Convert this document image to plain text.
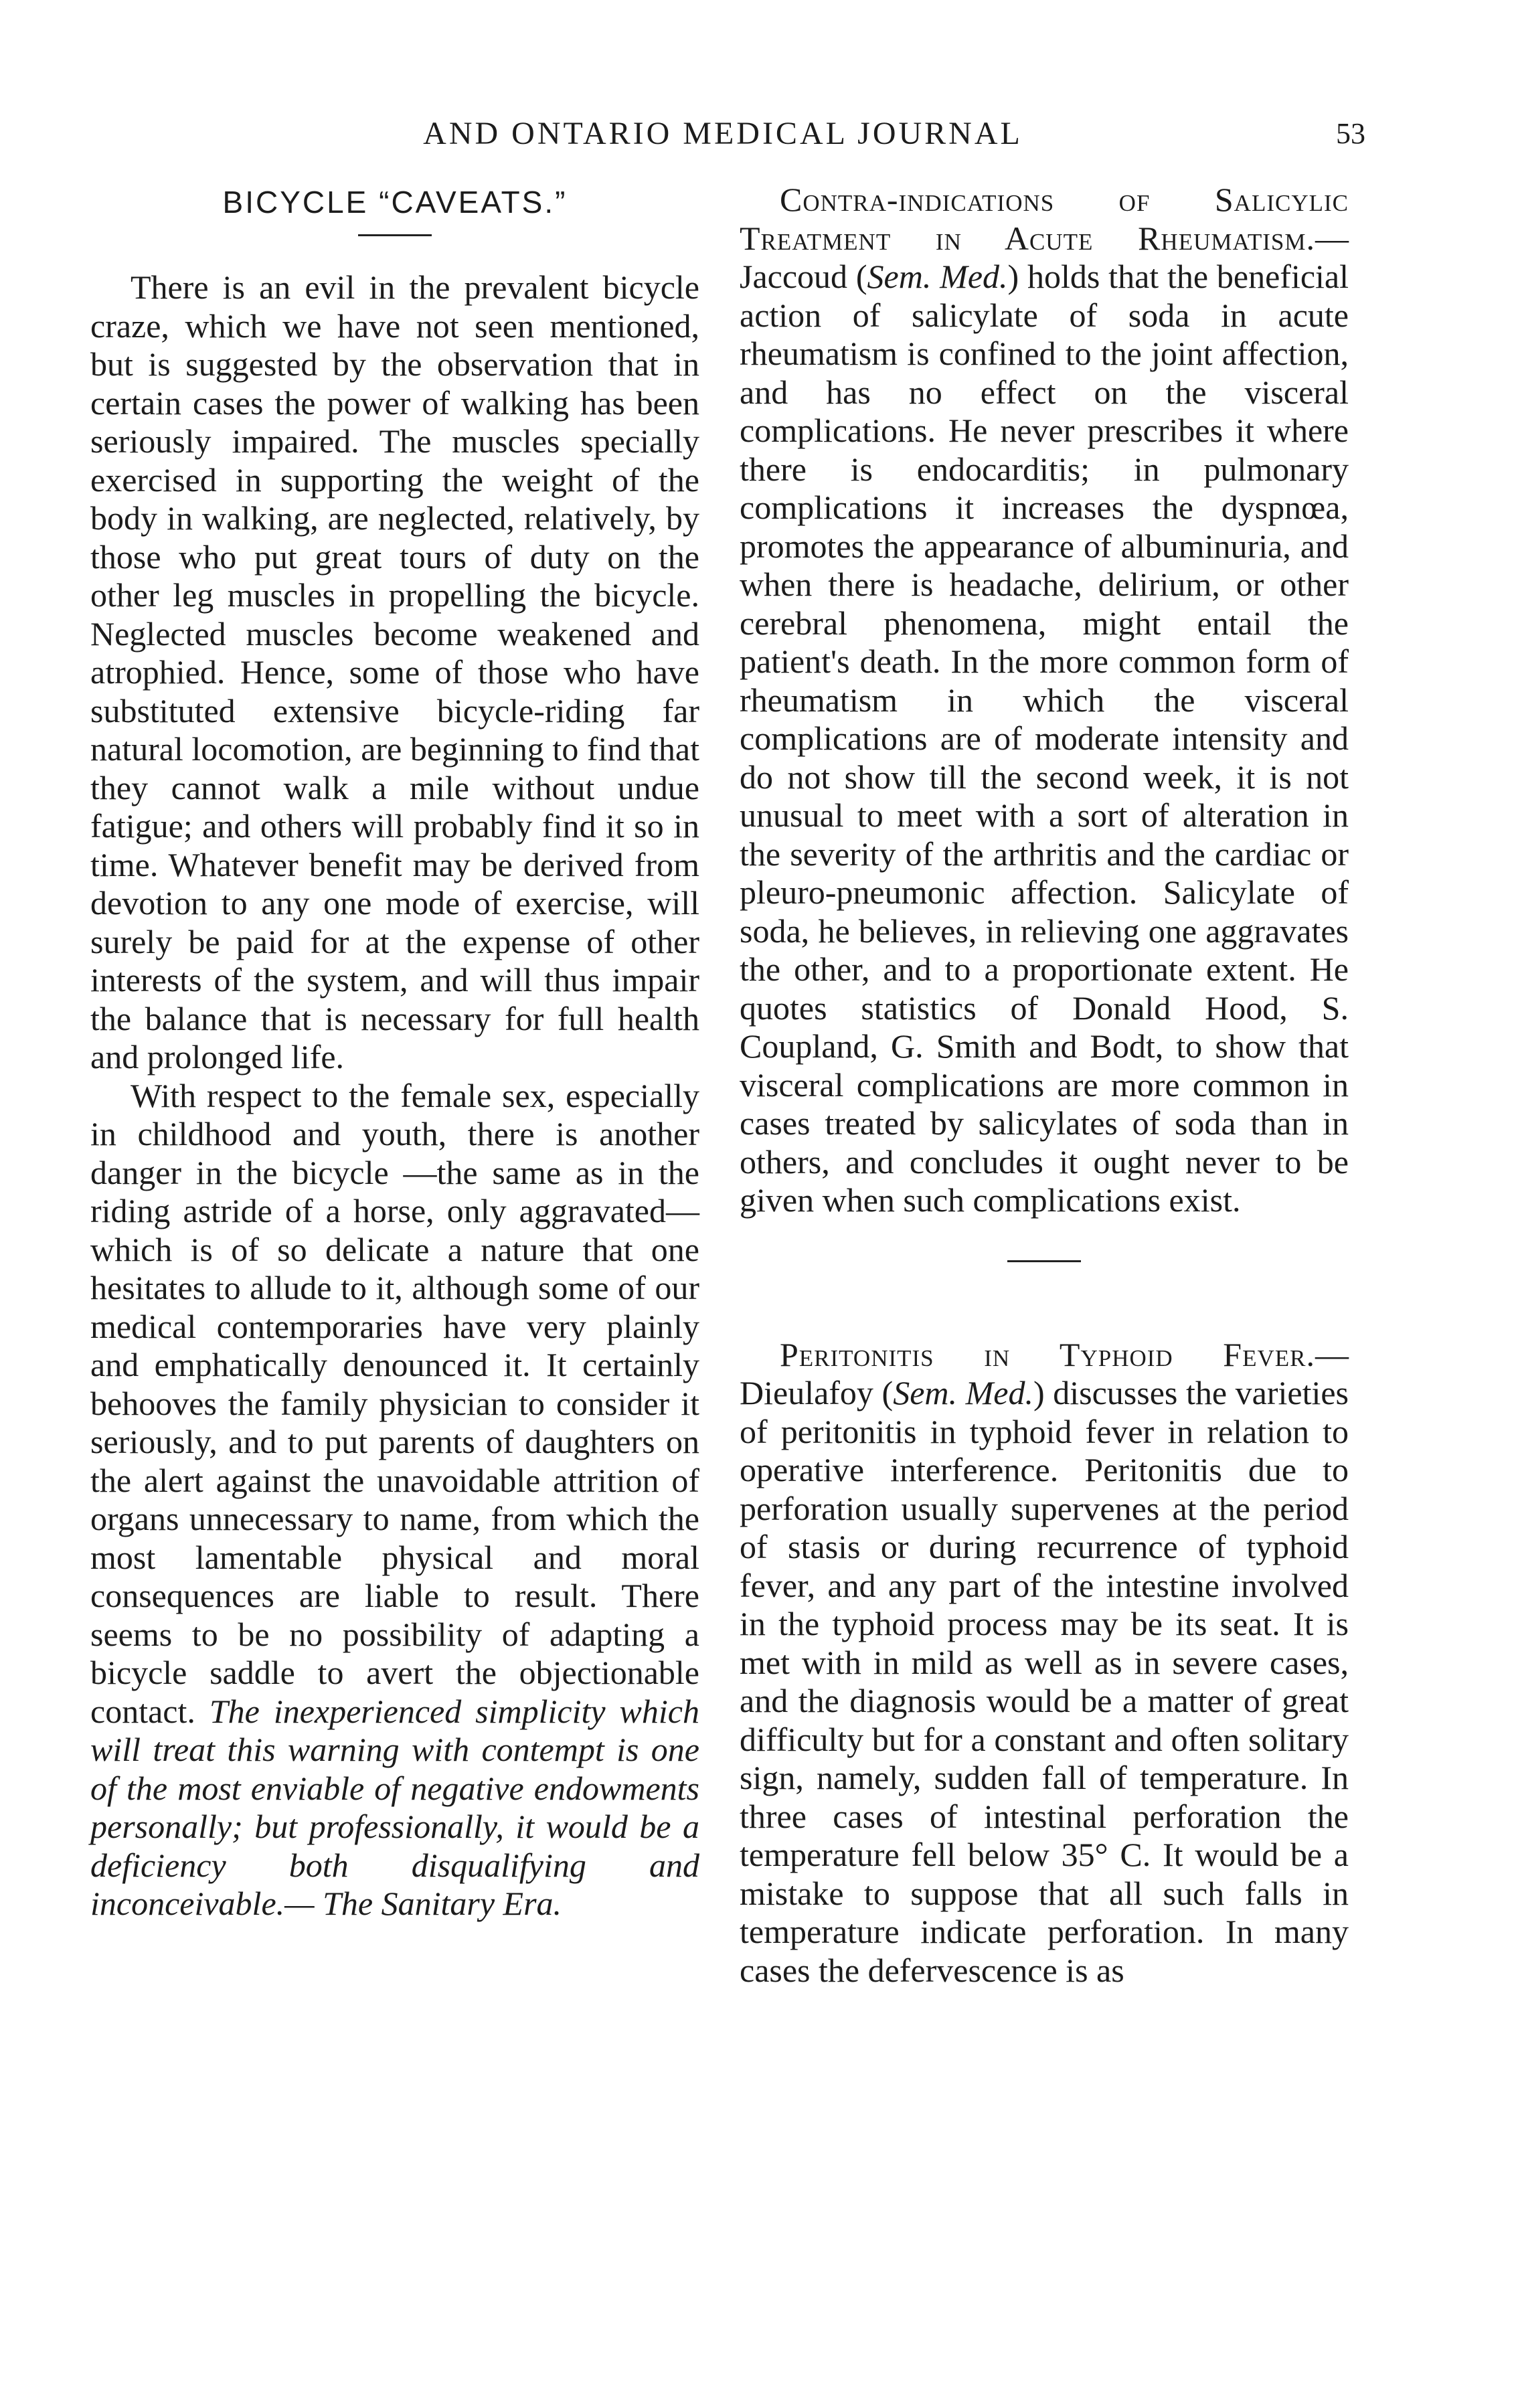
AND ONTARIO MEDICAL JOURNAL	53
BICYCLE “CAVEATS.”

There is an evil in the prevalent bicycle craze, which we have not seen mentioned, but is suggested by the observation that in certain cases the power of walking has been seriously impaired. The muscles specially exercised in supporting the weight of the body in walking, are neglected, relatively, by those who put great tours of duty on the other leg muscles in propelling the bicycle. Neglected muscles become weakened and atrophied. Hence, some of those who have substituted extensive bicycle-riding far natural locomotion, are beginning to find that they cannot walk a mile without undue fatigue; and others will probably find it so in time. Whatever benefit may be derived from devotion to any one mode of exercise, will surely be paid for at the expense of other interests of the system, and will thus impair the balance that is necessary for full health and prolonged life.

With respect to the female sex, especially in childhood and youth, there is another danger in the bicycle —the same as in the riding astride of a horse, only aggravated—which is of so delicate a nature that one hesitates to allude to it, although some of our medical contemporaries have very plainly and emphatically denounced it. It certainly behooves the family physician to consider it seriously, and to put parents of daughters on the alert against the unavoidable attrition of organs unnecessary to name, from which the most lamentable physical and moral consequences are liable to result. There seems to be no possibility of adapting a bicycle saddle to avert the objectionable contact. The inexperienced simplicity which will treat this warning with contempt is one of the most enviable of negative endowments personally; but professionally, it would be a deficiency both disqualifying and inconceivable.— The Sanitary Era.

Contra-indications of Salicylic Treatment in Acute Rheumatism.—Jaccoud (Sem. Med.) holds that the beneficial action of salicylate of soda in acute rheumatism is confined to the joint affection, and has no effect on the visceral complications. He never prescribes it where there is endocarditis; in pulmonary complications it increases the dyspnœa, promotes the appearance of albuminuria, and when there is headache, delirium, or other cerebral phenomena, might entail the patient's death. In the more common form of rheumatism in which the visceral complications are of moderate intensity and do not show till the second week, it is not unusual to meet with a sort of alteration in the severity of the arthritis and the cardiac or pleuro-pneumonic affection. Salicylate of soda, he believes, in relieving one aggravates the other, and to a proportionate extent. He quotes statistics of Donald Hood, S. Coupland, G. Smith and Bodt, to show that visceral complications are more common in cases treated by salicylates of soda than in others, and concludes it ought never to be given when such complications exist.

Peritonitis in Typhoid Fever.—Dieulafoy (Sem. Med.) discusses the varieties of peritonitis in typhoid fever in relation to operative interference. Peritonitis due to perforation usually supervenes at the period of stasis or during recurrence of typhoid fever, and any part of the intestine involved in the typhoid process may be its seat. It is met with in mild as well as in severe cases, and the diagnosis would be a matter of great difficulty but for a constant and often solitary sign, namely, sudden fall of temperature. In three cases of intestinal perforation the temperature fell below 35° C. It would be a mistake to suppose that all such falls in temperature indicate perforation. In many cases the defervescence is as
